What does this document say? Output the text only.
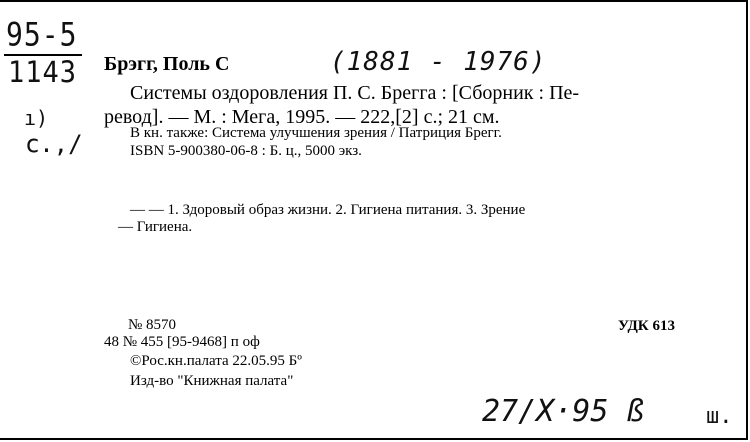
95-5
1143
ı)
ⅽ.,/
Брэгг, Поль С	(1881 - 1976)
Системы оздоровления П. С. Брегга : [Сборник : Пе-
ревод]. — М. : Мега, 1995. — 222,[2] с.; 21 см.
В кн. также: Система улучшения зрения / Патриция Брегг.
ISBN 5-900380-06-8 : Б. ц., 5000 экз.
— — 1. Здоровый образ жизни. 2. Гигиена питания. 3. Зрение
— Гигиена.
№ 8570
48 № 455 [95-9468] п оф
©Рос.кн.палата 22.05.95 Бº
Изд-во "Книжная палата"
УДК 613
27/X·95 ß	ш.
